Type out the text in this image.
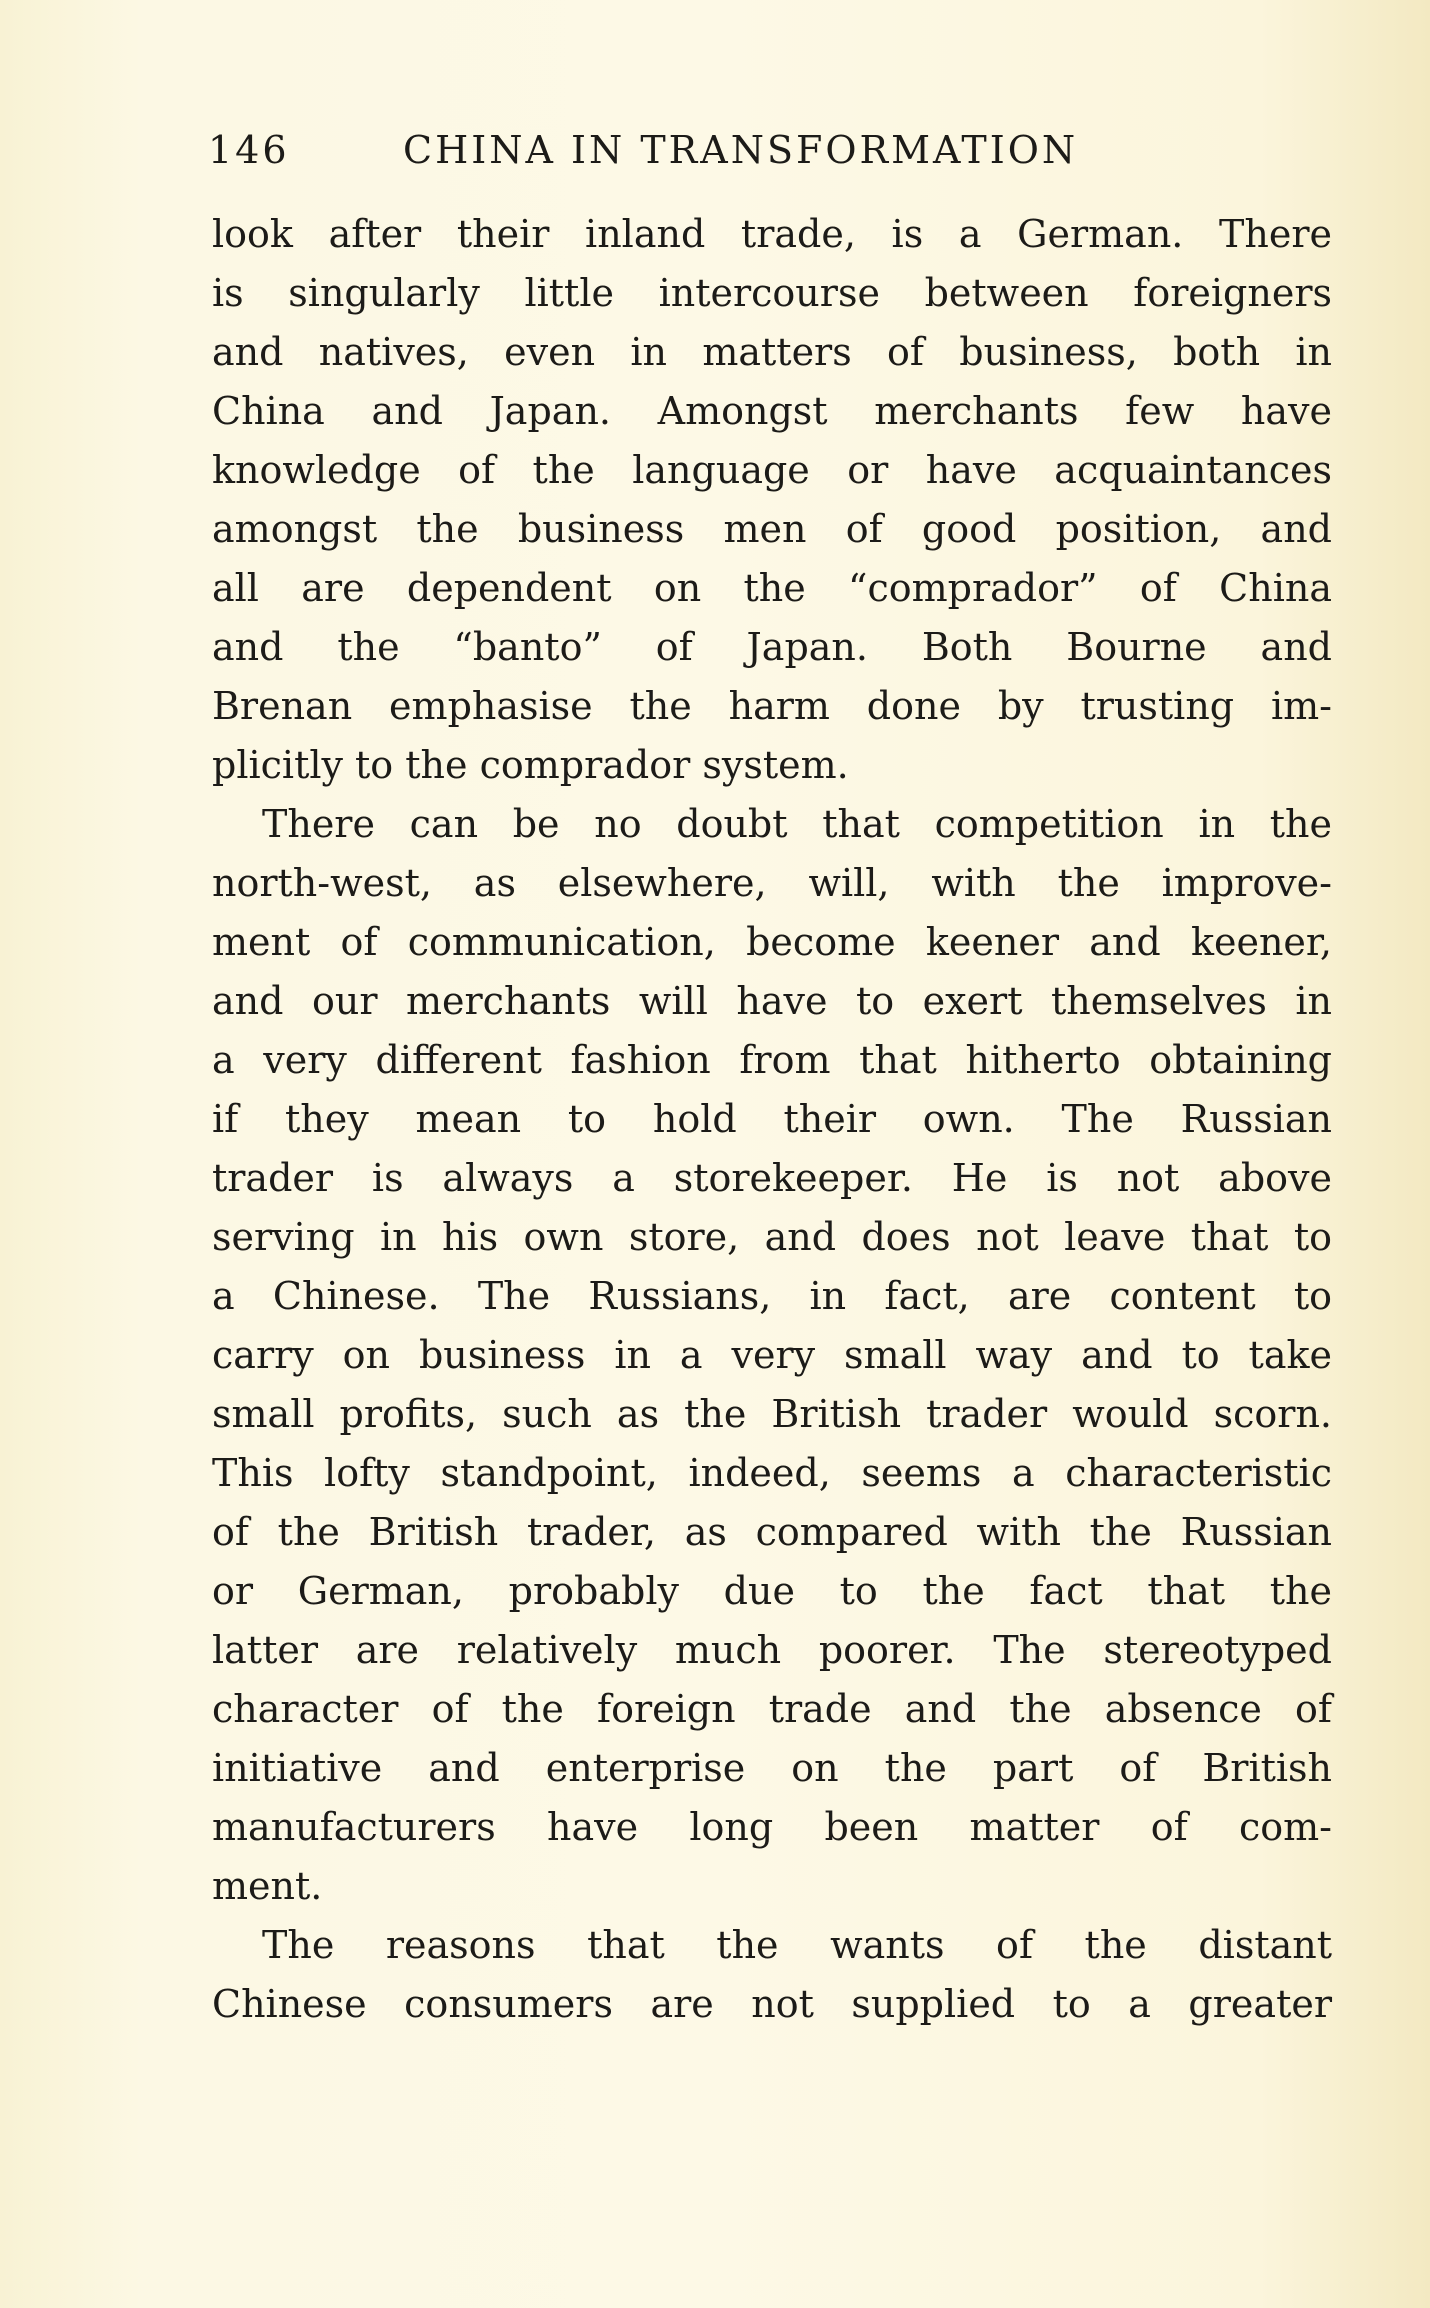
146	CHINA IN TRANSFORMATION
look after their inland trade, is a German. There
is singularly little intercourse between foreigners
and natives, even in matters of business, both in
China and Japan. Amongst merchants few have
knowledge of the language or have acquaintances
amongst the business men of good position, and
all are dependent on the “comprador” of China
and the “banto” of Japan. Both Bourne and
Brenan emphasise the harm done by trusting im-
plicitly to the comprador system.
There can be no doubt that competition in the
north-west, as elsewhere, will, with the improve-
ment of communication, become keener and keener,
and our merchants will have to exert themselves in
a very different fashion from that hitherto obtaining
if they mean to hold their own. The Russian
trader is always a storekeeper. He is not above
serving in his own store, and does not leave that to
a Chinese. The Russians, in fact, are content to
carry on business in a very small way and to take
small profits, such as the British trader would scorn.
This lofty standpoint, indeed, seems a characteristic
of the British trader, as compared with the Russian
or German, probably due to the fact that the
latter are relatively much poorer. The stereotyped
character of the foreign trade and the absence of
initiative and enterprise on the part of British
manufacturers have long been matter of com-
ment.
The reasons that the wants of the distant
Chinese consumers are not supplied to a greater
